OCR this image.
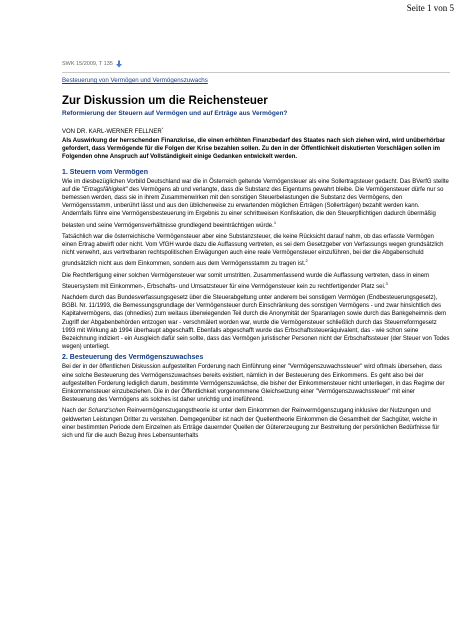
Seite 1 von 5
SWK 15/2009, T 135
Besteuerung von Vermögen und Vermögenszuwachs
Zur Diskussion um die Reichensteuer
Reformierung der Steuern auf Vermögen und auf Erträge aus Vermögen?
VON DR. KARL-WERNER FELLNER*
Als Auswirkung der herrschenden Finanzkrise, die einen erhöhten Finanzbedarf des Staates nach sich ziehen wird, wird unüberhörbar gefordert, dass Vermögende für die Folgen der Krise bezahlen sollen. Zu den in der Öffentlichkeit diskutierten Vorschlägen sollen im Folgenden ohne Anspruch auf Vollständigkeit einige Gedanken entwickelt werden.
1. Steuern vom Vermögen

Wie im diesbezüglichen Vorbild Deutschland war die in Österreich geltende Vermögensteuer als eine Sollertragsteuer gedacht. Das BVerfG stellte auf die "Ertragsfähigkeit" des Vermögens ab und verlangte, dass die Substanz des Eigentums gewahrt bleibe. Die Vermögensteuer dürfe nur so bemessen werden, dass sie in ihrem Zusammenwirken mit den sonstigen Steuerbelastungen die Substanz des Vermögens, den Vermögensstamm, unberührt lässt und aus den üblicherweise zu erwartenden möglichen Erträgen (Sollerträgen) bezahlt werden kann. Andernfalls führe eine Vermögensbesteuerung im Ergebnis zu einer schrittweisen Konfiskation, die den Steuerpflichtigen dadurch übermäßig belasten und seine Vermögensverhältnisse grundlegend beeinträchtigen würde.$^1$

Tatsächlich war die österreichische Vermögensteuer aber eine Substanzsteuer, die keine Rücksicht darauf nahm, ob das erfasste Vermögen einen Ertrag abwirft oder nicht. Vom VfGH wurde dazu die Auffassung vertreten, es sei dem Gesetzgeber von Verfassungs wegen grundsätzlich nicht verwehrt, aus vertretbaren rechtspolitischen Erwägungen auch eine reale Vermögensteuer einzuführen, bei der die Abgabenschuld grundsätzlich nicht aus dem Einkommen, sondern aus dem Vermögensstamm zu tragen ist.$^2$

Die Rechtfertigung einer solchen Vermögensteuer war somit umstritten. Zusammenfassend wurde die Auffassung vertreten, dass in einem Steuersystem mit Einkommen-, Erbschafts- und Umsatzsteuer für eine Vermögensteuer kein zu rechtfertigender Platz sei.$^3$

Nachdem durch das Bundesverfassungsgesetz über die Steuerabgeltung unter anderem bei sonstigem Vermögen (Endbesteuerungsgesetz), BGBl. Nr. 11/1993, die Bemessungsgrundlage der Vermögensteuer durch Einschränkung des sonstigen Vermögens - und zwar hinsichtlich des Kapitalvermögens, das (ohnedies) zum weitaus überwiegenden Teil durch die Anonymität der Sparanlagen sowie durch das Bankgeheimnis dem Zugriff der Abgabenbehörden entzogen war - verschmälert worden war, wurde die Vermögensteuer schließlich durch das Steuerreformgesetz 1993 mit Wirkung ab 1994 überhaupt abgeschafft. Ebenfalls abgeschafft wurde das Erbschaftssteueräquivalent, das - wie schon seine Bezeichnung indiziert - ein Ausgleich dafür sein sollte, dass das Vermögen juristischer Personen nicht der Erbschaftssteuer (der Steuer von Todes wegen) unterliegt.

2. Besteuerung des Vermögenszuwachses

Bei der in der öffentlichen Diskussion aufgestellten Forderung nach Einführung einer "Vermögenszuwachssteuer" wird oftmals übersehen, dass eine solche Besteuerung des Vermögenszuwachses bereits existiert, nämlich in der Besteuerung des Einkommens. Es geht also bei der aufgestellten Forderung lediglich darum, bestimmte Vermögenszuwächse, die bisher der Einkommensteuer nicht unterliegen, in das Regime der Einkommensteuer einzubeziehen. Die in der Öffentlichkeit vorgenommene Gleichsetzung einer "Vermögenszuwachssteuer" mit einer Besteuerung des Vermögens als solches ist daher unrichtig und irreführend.

Nach der Schanz'schen Reinvermögenszugangstheorie ist unter dem Einkommen der Reinvermögenszugang inklusive der Nutzungen und geldwerten Leistungen Dritter zu verstehen. Demgegenüber ist nach der Quellentheorie Einkommen die Gesamtheit der Sachgüter, welche in einer bestimmten Periode dem Einzelnen als Erträge dauernder Quellen der Gütererzeugung zur Bestreitung der persönlichen Bedürfnisse für sich und für die auch Bezug ihres Lebensunterhalts
